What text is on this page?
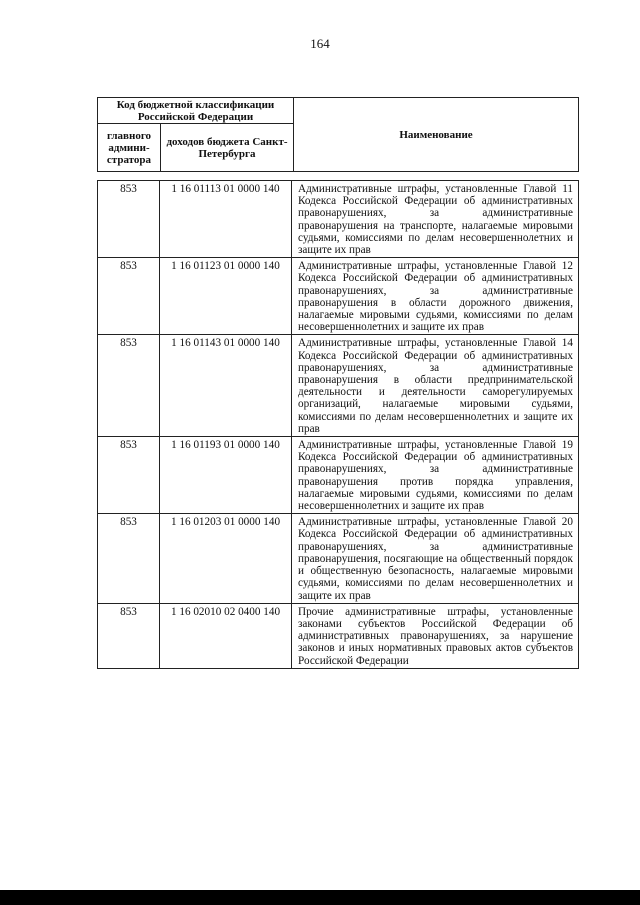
164
Код бюджетной классификации Российской Федерации		Наименование
главного админи-стратора	доходов бюджета Санкт-Петербурга	
853	1 16 01113 01 0000 140	Административные штрафы, установленные Главой 11 Кодекса Российской Федерации об административных правонарушениях, за административные правонарушения на транспорте, налагаемые мировыми судьями, комиссиями по делам несовершеннолетних и защите их прав
853	1 16 01123 01 0000 140	Административные штрафы, установленные Главой 12 Кодекса Российской Федерации об административных правонарушениях, за административные правонарушения в области дорожного движения, налагаемые мировыми судьями, комиссиями по делам несовершеннолетних и защите их прав
853	1 16 01143 01 0000 140	Административные штрафы, установленные Главой 14 Кодекса Российской Федерации об административных правонарушениях, за административные правонарушения в области предпринимательской деятельности и деятельности саморегулируемых организаций, налагаемые мировыми судьями, комиссиями по делам несовершеннолетних и защите их прав
853	1 16 01193 01 0000 140	Административные штрафы, установленные Главой 19 Кодекса Российской Федерации об административных правонарушениях, за административные правонарушения против порядка управления, налагаемые мировыми судьями, комиссиями по делам несовершеннолетних и защите их прав
853	1 16 01203 01 0000 140	Административные штрафы, установленные Главой 20 Кодекса Российской Федерации об административных правонарушениях, за административные правонарушения, посягающие на общественный порядок и общественную безопасность, налагаемые мировыми судьями, комиссиями по делам несовершеннолетних и защите их прав
853	1 16 02010 02 0400 140	Прочие административные штрафы, установленные законами субъектов Российской Федерации об административных правонарушениях, за нарушение законов и иных нормативных правовых актов субъектов Российской Федерации
